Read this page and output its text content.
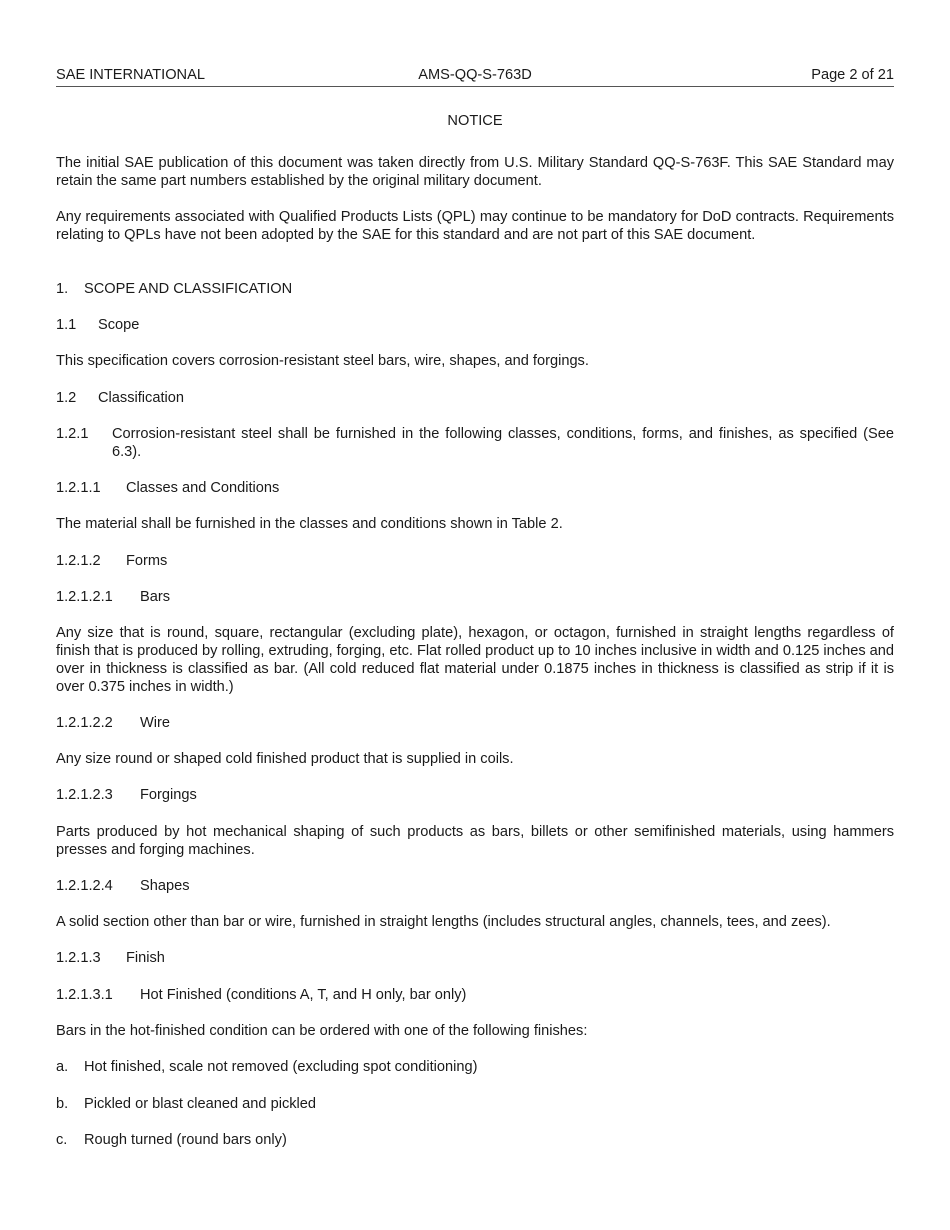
SAE INTERNATIONAL	AMS-QQ-S-763D	Page 2 of 21

NOTICE

The initial SAE publication of this document was taken directly from U.S. Military Standard QQ-S-763F. This SAE Standard may retain the same part numbers established by the original military document.

Any requirements associated with Qualified Products Lists (QPL) may continue to be mandatory for DoD contracts. Requirements relating to QPLs have not been adopted by the SAE for this standard and are not part of this SAE document.

1. SCOPE AND CLASSIFICATION
1.1 Scope

This specification covers corrosion-resistant steel bars, wire, shapes, and forgings.

1.2 Classification
1.2.1 Corrosion-resistant steel shall be furnished in the following classes, conditions, forms, and finishes, as specified (See 6.3).
1.2.1.1 Classes and Conditions

The material shall be furnished in the classes and conditions shown in Table 2.

1.2.1.2 Forms
1.2.1.2.1 Bars

Any size that is round, square, rectangular (excluding plate), hexagon, or octagon, furnished in straight lengths regardless of finish that is produced by rolling, extruding, forging, etc. Flat rolled product up to 10 inches inclusive in width and 0.125 inches and over in thickness is classified as bar. (All cold reduced flat material under 0.1875 inches in thickness is classified as strip if it is over 0.375 inches in width.)

1.2.1.2.2 Wire

Any size round or shaped cold finished product that is supplied in coils.

1.2.1.2.3 Forgings

Parts produced by hot mechanical shaping of such products as bars, billets or other semifinished materials, using hammers presses and forging machines.

1.2.1.2.4 Shapes

A solid section other than bar or wire, furnished in straight lengths (includes structural angles, channels, tees, and zees).

1.2.1.3 Finish
1.2.1.3.1 Hot Finished (conditions A, T, and H only, bar only)

Bars in the hot-finished condition can be ordered with one of the following finishes:

a. Hot finished, scale not removed (excluding spot conditioning)
b. Pickled or blast cleaned and pickled
c. Rough turned (round bars only)
